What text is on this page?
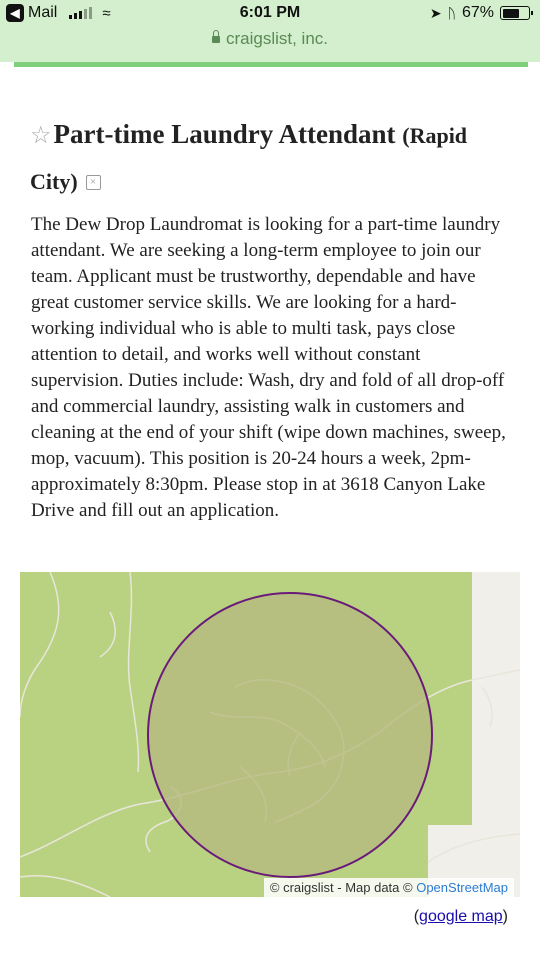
◀ Mail	≈	6:01 PM	➤ ᚢ 67%
craigslist, inc.
☆Part-time Laundry Attendant (Rapid City) ×
The Dew Drop Laundromat is looking for a part-time laundry attendant. We are seeking a long-term employee to join our team. Applicant must be trustworthy, dependable and have great customer service skills. We are looking for a hard-working individual who is able to multi task, pays close attention to detail, and works well without constant supervision. Duties include: Wash, dry and fold of all drop-off and commercial laundry, assisting walk in customers and cleaning at the end of your shift (wipe down machines, sweep, mop, vacuum). This position is 20-24 hours a week, 2pm-approximately 8:30pm. Please stop in at 3618 Canyon Lake Drive and fill out an application.
© craigslist - Map data © OpenStreetMap
(google map)
